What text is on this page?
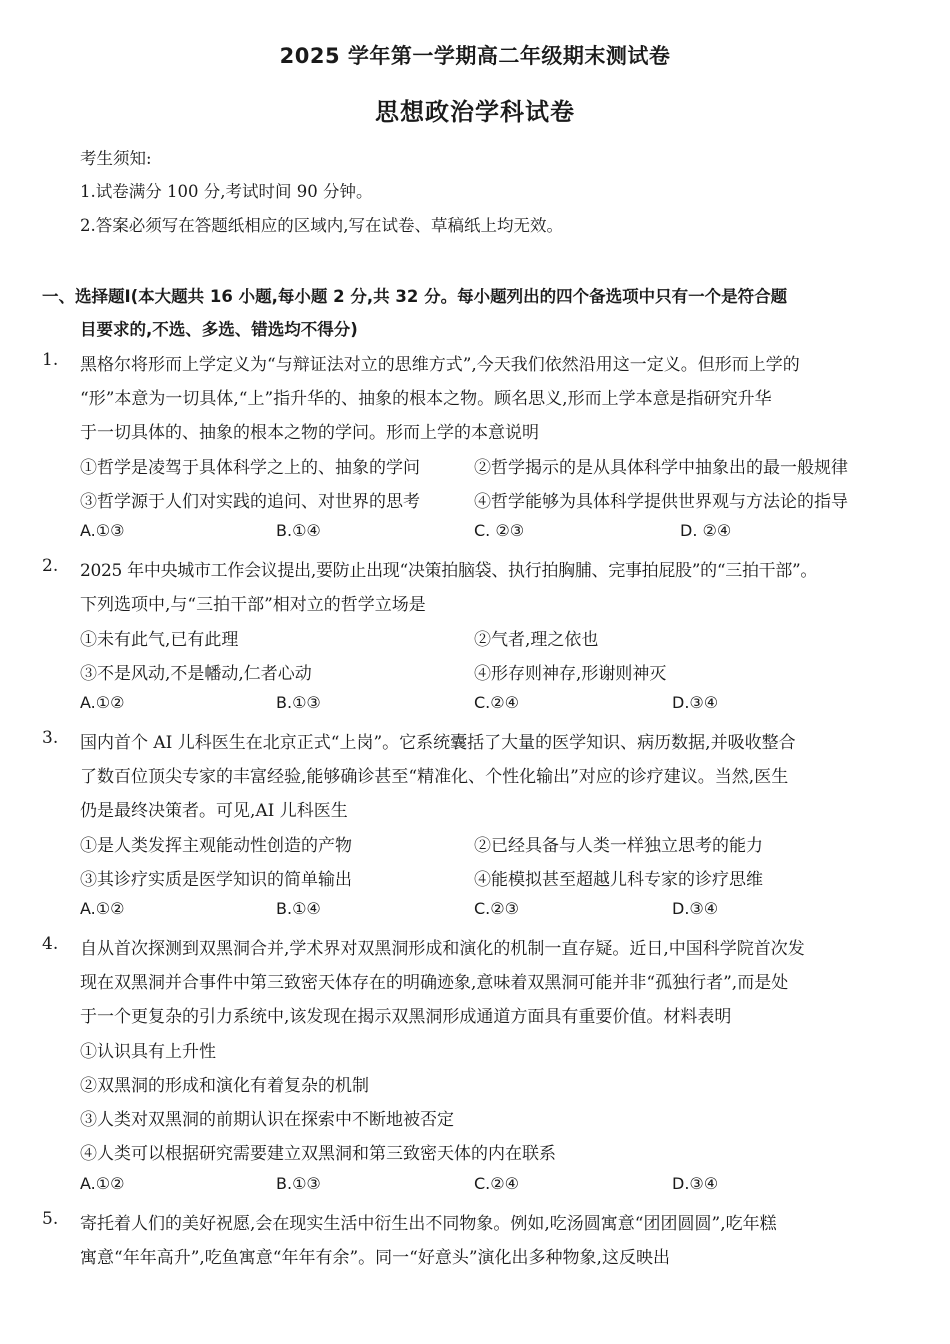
2025 学年第一学期高二年级期末测试卷
思想政治学科试卷
考生须知:
1.试卷满分 100 分,考试时间 90 分钟。
2.答案必须写在答题纸相应的区域内,写在试卷、草稿纸上均无效。
一、选择题Ⅰ(本大题共 16 小题,每小题 2 分,共 32 分。每小题列出的四个备选项中只有一个是符合题
目要求的,不选、多选、错选均不得分)
1. 黑格尔将形而上学定义为“与辩证法对立的思维方式”,今天我们依然沿用这一定义。但形而上学的
“形”本意为一切具体,“上”指升华的、抽象的根本之物。顾名思义,形而上学本意是指研究升华
于一切具体的、抽象的根本之物的学问。形而上学的本意说明
①哲学是凌驾于具体科学之上的、抽象的学问	②哲学揭示的是从具体科学中抽象出的最一般规律
③哲学源于人们对实践的追问、对世界的思考	④哲学能够为具体科学提供世界观与方法论的指导
A.①③	B.①④	C. ②③	D. ②④
2. 2025 年中央城市工作会议提出,要防止出现“决策拍脑袋、执行拍胸脯、完事拍屁股”的“三拍干部”。
下列选项中,与“三拍干部”相对立的哲学立场是
①未有此气,已有此理	②气者,理之依也
③不是风动,不是幡动,仁者心动	④形存则神存,形谢则神灭
A.①②	B.①③	C.②④	D.③④
3. 国内首个 AI 儿科医生在北京正式“上岗”。它系统囊括了大量的医学知识、病历数据,并吸收整合
了数百位顶尖专家的丰富经验,能够确诊甚至“精准化、个性化输出”对应的诊疗建议。当然,医生
仍是最终决策者。可见,AI 儿科医生
①是人类发挥主观能动性创造的产物	②已经具备与人类一样独立思考的能力
③其诊疗实质是医学知识的简单输出	④能模拟甚至超越儿科专家的诊疗思维
A.①②	B.①④	C.②③	D.③④
4. 自从首次探测到双黑洞合并,学术界对双黑洞形成和演化的机制一直存疑。近日,中国科学院首次发
现在双黑洞并合事件中第三致密天体存在的明确迹象,意味着双黑洞可能并非“孤独行者”,而是处
于一个更复杂的引力系统中,该发现在揭示双黑洞形成通道方面具有重要价值。材料表明
①认识具有上升性
②双黑洞的形成和演化有着复杂的机制
③人类对双黑洞的前期认识在探索中不断地被否定
④人类可以根据研究需要建立双黑洞和第三致密天体的内在联系
A.①②	B.①③	C.②④	D.③④
5. 寄托着人们的美好祝愿,会在现实生活中衍生出不同物象。例如,吃汤圆寓意“团团圆圆”,吃年糕
寓意“年年高升”,吃鱼寓意“年年有余”。同一“好意头”演化出多种物象,这反映出
